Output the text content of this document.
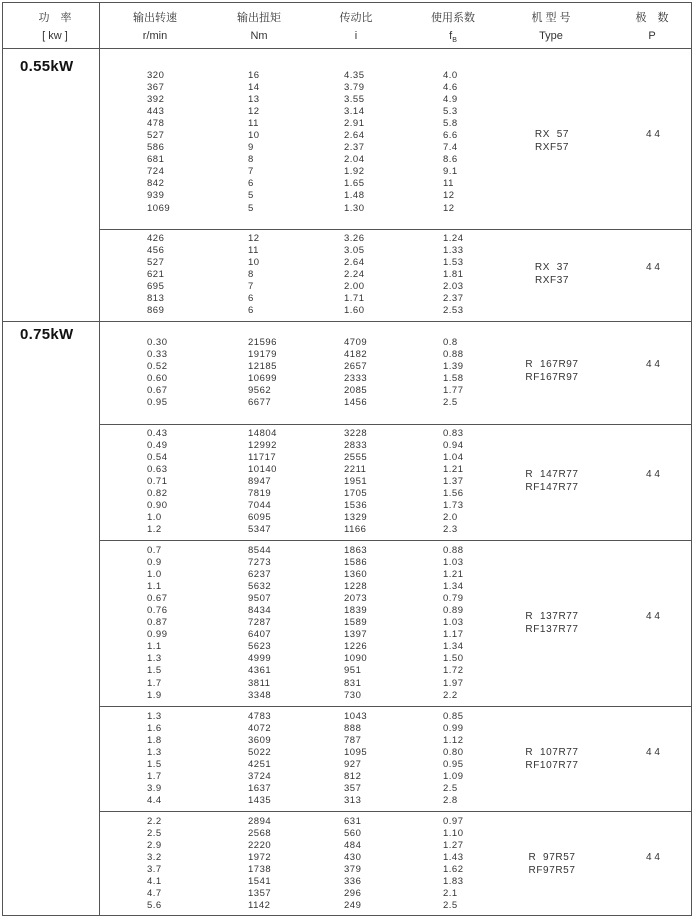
功　率
[ kw ]
输出转速
r/min
输出扭矩
Nm
传动比
i
使用系数
$f_B$
机 型 号
Type
极　数
P
0.55kW
0.75kW
320
367
392
443
478
527
586
681
724
842
939
1069
16
14
13
12
11
10
9
8
7
6
5
5
4.35
3.79
3.55
3.14
2.91
2.64
2.37
2.04
1.92
1.65
1.48
1.30
4.0
4.6
4.9
5.3
5.8
6.6
7.4
8.6
9.1
11
12
12
RX  57
RXF57
4 4
426
456
527
621
695
813
869
12
11
10
8
7
6
6
3.26
3.05
2.64
2.24
2.00
1.71
1.60
1.24
1.33
1.53
1.81
2.03
2.37
2.53
RX  37
RXF37
4 4
0.30
0.33
0.52
0.60
0.67
0.95
21596
19179
12185
10699
9562
6677
4709
4182
2657
2333
2085
1456
0.8
0.88
1.39
1.58
1.77
2.5
R  167R97
RF167R97
4 4
0.43
0.49
0.54
0.63
0.71
0.82
0.90
1.0
1.2
14804
12992
11717
10140
8947
7819
7044
6095
5347
3228
2833
2555
2211
1951
1705
1536
1329
1166
0.83
0.94
1.04
1.21
1.37
1.56
1.73
2.0
2.3
R  147R77
RF147R77
4 4
0.7
0.9
1.0
1.1
0.67
0.76
0.87
0.99
1.1
1.3
1.5
1.7
1.9
8544
7273
6237
5632
9507
8434
7287
6407
5623
4999
4361
3811
3348
1863
1586
1360
1228
2073
1839
1589
1397
1226
1090
951
831
730
0.88
1.03
1.21
1.34
0.79
0.89
1.03
1.17
1.34
1.50
1.72
1.97
2.2
R  137R77
RF137R77
4 4
1.3
1.6
1.8
1.3
1.5
1.7
3.9
4.4
4783
4072
3609
5022
4251
3724
1637
1435
1043
888
787
1095
927
812
357
313
0.85
0.99
1.12
0.80
0.95
1.09
2.5
2.8
R  107R77
RF107R77
4 4
2.2
2.5
2.9
3.2
3.7
4.1
4.7
5.6
2894
2568
2220
1972
1738
1541
1357
1142
631
560
484
430
379
336
296
249
0.97
1.10
1.27
1.43
1.62
1.83
2.1
2.5
R  97R57
RF97R57
4 4
